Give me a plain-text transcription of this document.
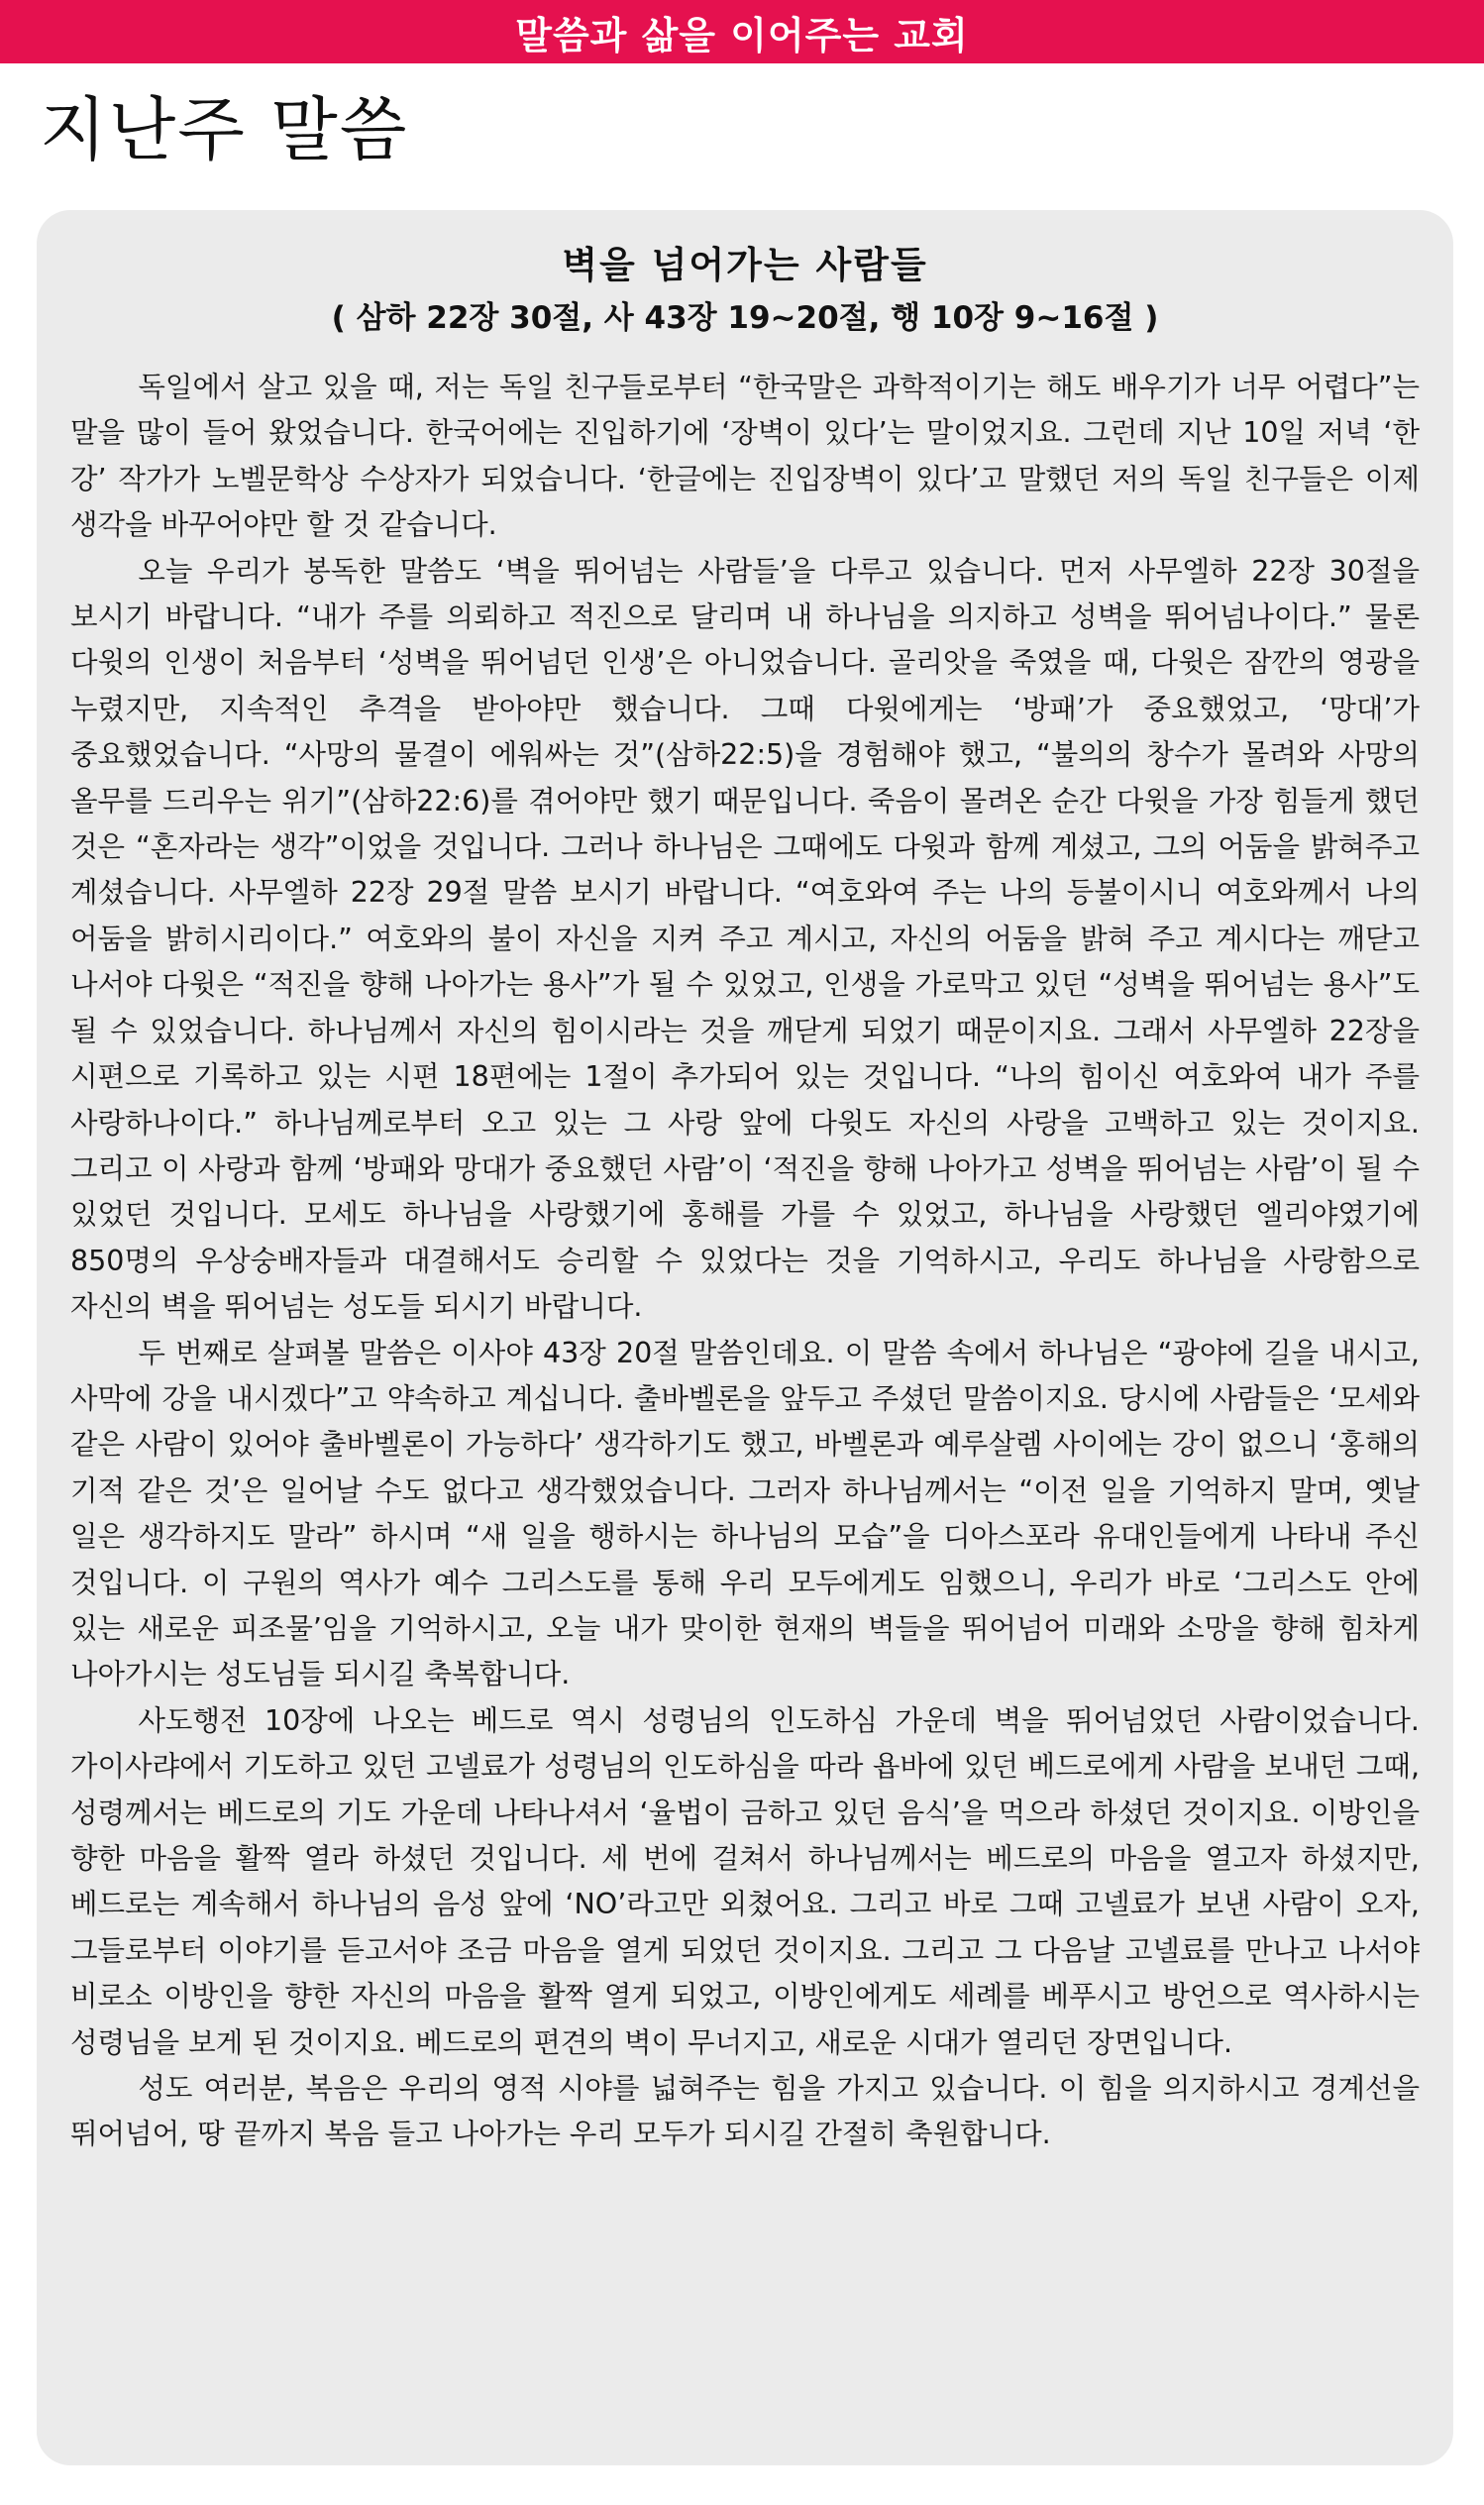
말씀과 삶을 이어주는 교회
지난주 말씀
벽을 넘어가는 사람들
( 삼하 22장 30절, 사 43장 19~20절, 행 10장 9~16절 )

독일에서 살고 있을 때, 저는 독일 친구들로부터 “한국말은 과학적이기는 해도 배우기가 너무 어렵다”는 말을 많이 들어 왔었습니다. 한국어에는 진입하기에 ‘장벽이 있다’는 말이었지요. 그런데 지난 10일 저녁 ‘한 강’ 작가가 노벨문학상 수상자가 되었습니다. ‘한글에는 진입장벽이 있다’고 말했던 저의 독일 친구들은 이제 생각을 바꾸어야만 할 것 같습니다.

오늘 우리가 봉독한 말씀도 ‘벽을 뛰어넘는 사람들’을 다루고 있습니다. 먼저 사무엘하 22장 30절을 보시기 바랍니다. “내가 주를 의뢰하고 적진으로 달리며 내 하나님을 의지하고 성벽을 뛰어넘나이다.” 물론 다윗의 인생이 처음부터 ‘성벽을 뛰어넘던 인생’은 아니었습니다. 골리앗을 죽였을 때, 다윗은 잠깐의 영광을 누렸지만, 지속적인 추격을 받아야만 했습니다. 그때 다윗에게는 ‘방패’가 중요했었고, ‘망대’가 중요했었습니다. “사망의 물결이 에워싸는 것”(삼하22:5)을 경험해야 했고, “불의의 창수가 몰려와 사망의 올무를 드리우는 위기”(삼하22:6)를 겪어야만 했기 때문입니다. 죽음이 몰려온 순간 다윗을 가장 힘들게 했던 것은 “혼자라는 생각”이었을 것입니다. 그러나 하나님은 그때에도 다윗과 함께 계셨고, 그의 어둠을 밝혀주고 계셨습니다. 사무엘하 22장 29절 말씀 보시기 바랍니다. “여호와여 주는 나의 등불이시니 여호와께서 나의 어둠을 밝히시리이다.” 여호와의 불이 자신을 지켜 주고 계시고, 자신의 어둠을 밝혀 주고 계시다는 깨닫고 나서야 다윗은 “적진을 향해 나아가는 용사”가 될 수 있었고, 인생을 가로막고 있던 “성벽을 뛰어넘는 용사”도 될 수 있었습니다. 하나님께서 자신의 힘이시라는 것을 깨닫게 되었기 때문이지요. 그래서 사무엘하 22장을 시편으로 기록하고 있는 시편 18편에는 1절이 추가되어 있는 것입니다. “나의 힘이신 여호와여 내가 주를 사랑하나이다.” 하나님께로부터 오고 있는 그 사랑 앞에 다윗도 자신의 사랑을 고백하고 있는 것이지요. 그리고 이 사랑과 함께 ‘방패와 망대가 중요했던 사람’이 ‘적진을 향해 나아가고 성벽을 뛰어넘는 사람’이 될 수 있었던 것입니다. 모세도 하나님을 사랑했기에 홍해를 가를 수 있었고, 하나님을 사랑했던 엘리야였기에 850명의 우상숭배자들과 대결해서도 승리할 수 있었다는 것을 기억하시고, 우리도 하나님을 사랑함으로 자신의 벽을 뛰어넘는 성도들 되시기 바랍니다.

두 번째로 살펴볼 말씀은 이사야 43장 20절 말씀인데요. 이 말씀 속에서 하나님은 “광야에 길을 내시고, 사막에 강을 내시겠다”고 약속하고 계십니다. 출바벨론을 앞두고 주셨던 말씀이지요. 당시에 사람들은 ‘모세와 같은 사람이 있어야 출바벨론이 가능하다’ 생각하기도 했고, 바벨론과 예루살렘 사이에는 강이 없으니 ‘홍해의 기적 같은 것’은 일어날 수도 없다고 생각했었습니다. 그러자 하나님께서는 “이전 일을 기억하지 말며, 옛날 일은 생각하지도 말라” 하시며 “새 일을 행하시는 하나님의 모습”을 디아스포라 유대인들에게 나타내 주신 것입니다. 이 구원의 역사가 예수 그리스도를 통해 우리 모두에게도 임했으니, 우리가 바로 ‘그리스도 안에 있는 새로운 피조물’임을 기억하시고, 오늘 내가 맞이한 현재의 벽들을 뛰어넘어 미래와 소망을 향해 힘차게 나아가시는 성도님들 되시길 축복합니다.

사도행전 10장에 나오는 베드로 역시 성령님의 인도하심 가운데 벽을 뛰어넘었던 사람이었습니다. 가이사랴에서 기도하고 있던 고넬료가 성령님의 인도하심을 따라 욥바에 있던 베드로에게 사람을 보내던 그때, 성령께서는 베드로의 기도 가운데 나타나셔서 ‘율법이 금하고 있던 음식’을 먹으라 하셨던 것이지요. 이방인을 향한 마음을 활짝 열라 하셨던 것입니다. 세 번에 걸쳐서 하나님께서는 베드로의 마음을 열고자 하셨지만, 베드로는 계속해서 하나님의 음성 앞에 ‘NO’라고만 외쳤어요. 그리고 바로 그때 고넬료가 보낸 사람이 오자, 그들로부터 이야기를 듣고서야 조금 마음을 열게 되었던 것이지요. 그리고 그 다음날 고넬료를 만나고 나서야 비로소 이방인을 향한 자신의 마음을 활짝 열게 되었고, 이방인에게도 세례를 베푸시고 방언으로 역사하시는 성령님을 보게 된 것이지요. 베드로의 편견의 벽이 무너지고, 새로운 시대가 열리던 장면입니다.

성도 여러분, 복음은 우리의 영적 시야를 넓혀주는 힘을 가지고 있습니다. 이 힘을 의지하시고 경계선을 뛰어넘어, 땅 끝까지 복음 들고 나아가는 우리 모두가 되시길 간절히 축원합니다.
